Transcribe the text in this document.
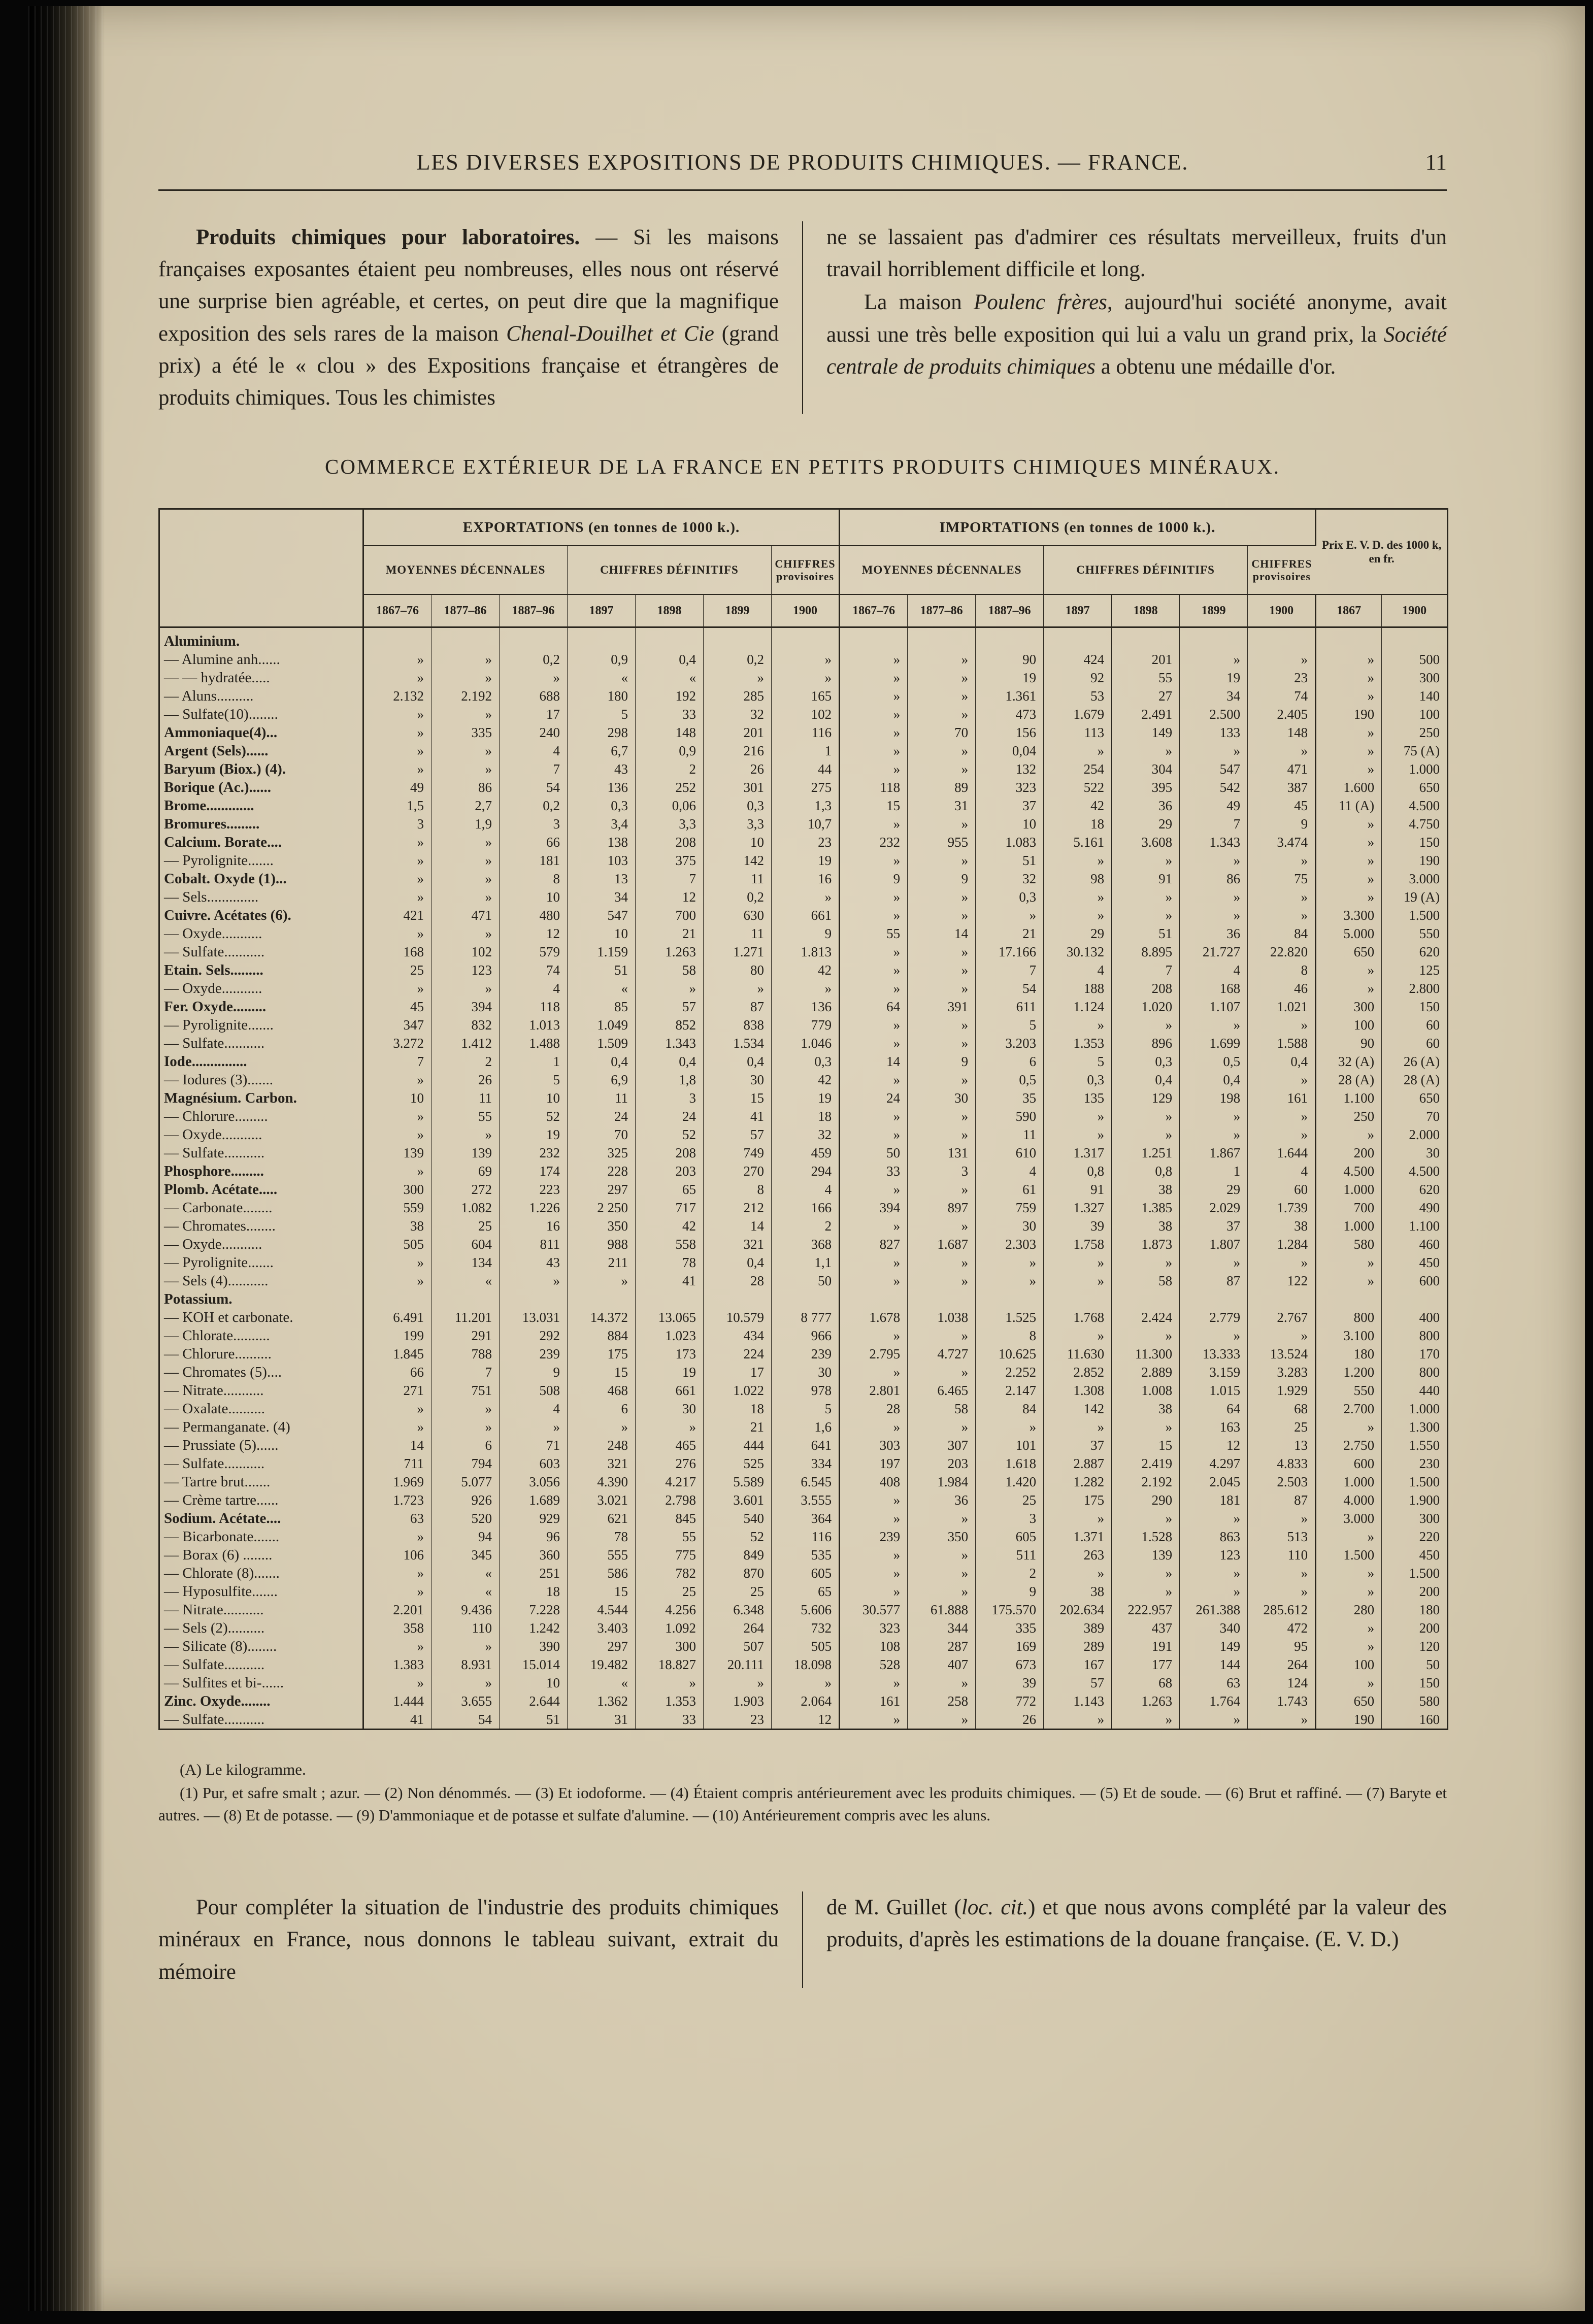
LES DIVERSES EXPOSITIONS DE PRODUITS CHIMIQUES. — FRANCE.	11

Produits chimiques pour laboratoires. — Si les maisons françaises exposantes étaient peu nombreuses, elles nous ont réservé une surprise bien agréable, et certes, on peut dire que la magnifique exposition des sels rares de la maison Chenal-Douilhet et Cie (grand prix) a été le « clou » des Expositions française et étrangères de produits chimiques. Tous les chimistes

ne se lassaient pas d'admirer ces résultats merveilleux, fruits d'un travail horriblement difficile et long.

La maison Poulenc frères, aujourd'hui société anonyme, avait aussi une très belle exposition qui lui a valu un grand prix, la Société centrale de produits chimiques a obtenu une médaille d'or.

COMMERCE EXTÉRIEUR DE LA FRANCE EN PETITS PRODUITS CHIMIQUES MINÉRAUX.
	EXPORTATIONS (en tonnes de 1000 k.).							IMPORTATIONS (en tonnes de 1000 k.).							Prix E. V. D. des 1000 k, en fr.	
	MOYENNES DÉCENNALES			CHIFFRES DÉFINITIFS			CHIFFRES provisoires	MOYENNES DÉCENNALES			CHIFFRES DÉFINITIFS			CHIFFRES provisoires		
	1867–76	1877–86	1887–96	1897	1898	1899	1900	1867–76	1877–86	1887–96	1897	1898	1899	1900	1867	1900
Aluminium.																
— Alumine anh......	»	»	0,2	0,9	0,4	0,2	»	»	»	90	424	201	»	»	»	500
— — hydratée.....	»	»	»	«	«	»	»	»	»	19	92	55	19	23	»	300
— Aluns..........	2.132	2.192	688	180	192	285	165	»	»	1.361	53	27	34	74	»	140
— Sulfate(10)........	»	»	17	5	33	32	102	»	»	473	1.679	2.491	2.500	2.405	190	100
Ammoniaque(4)...	»	335	240	298	148	201	116	»	70	156	113	149	133	148	»	250
Argent (Sels)......	»	»	4	6,7	0,9	216	1	»	»	0,04	»	»	»	»	»	75 (A)
Baryum (Biox.) (4).	»	»	7	43	2	26	44	»	»	132	254	304	547	471	»	1.000
Borique (Ac.)......	49	86	54	136	252	301	275	118	89	323	522	395	542	387	1.600	650
Brome.............	1,5	2,7	0,2	0,3	0,06	0,3	1,3	15	31	37	42	36	49	45	11 (A)	4.500
Bromures.........	3	1,9	3	3,4	3,3	3,3	10,7	»	»	10	18	29	7	9	»	4.750
Calcium. Borate....	»	»	66	138	208	10	23	232	955	1.083	5.161	3.608	1.343	3.474	»	150
— Pyrolignite.......	»	»	181	103	375	142	19	»	»	51	»	»	»	»	»	190
Cobalt. Oxyde (1)...	»	»	8	13	7	11	16	9	9	32	98	91	86	75	»	3.000
— Sels..............	»	»	10	34	12	0,2	»	»	»	0,3	»	»	»	»	»	19 (A)
Cuivre. Acétates (6).	421	471	480	547	700	630	661	»	»	»	»	»	»	»	3.300	1.500
— Oxyde...........	»	»	12	10	21	11	9	55	14	21	29	51	36	84	5.000	550
— Sulfate...........	168	102	579	1.159	1.263	1.271	1.813	»	»	17.166	30.132	8.895	21.727	22.820	650	620
Etain. Sels.........	25	123	74	51	58	80	42	»	»	7	4	7	4	8	»	125
— Oxyde...........	»	»	4	«	»	»	»	»	»	54	188	208	168	46	»	2.800
Fer. Oxyde.........	45	394	118	85	57	87	136	64	391	611	1.124	1.020	1.107	1.021	300	150
— Pyrolignite.......	347	832	1.013	1.049	852	838	779	»	»	5	»	»	»	»	100	60
— Sulfate...........	3.272	1.412	1.488	1.509	1.343	1.534	1.046	»	»	3.203	1.353	896	1.699	1.588	90	60
Iode...............	7	2	1	0,4	0,4	0,4	0,3	14	9	6	5	0,3	0,5	0,4	32 (A)	26 (A)
— Iodures (3).......	»	26	5	6,9	1,8	30	42	»	»	0,5	0,3	0,4	0,4	»	28 (A)	28 (A)
Magnésium. Carbon.	10	11	10	11	3	15	19	24	30	35	135	129	198	161	1.100	650
— Chlorure.........	»	55	52	24	24	41	18	»	»	590	»	»	»	»	250	70
— Oxyde...........	»	»	19	70	52	57	32	»	»	11	»	»	»	»	»	2.000
— Sulfate...........	139	139	232	325	208	749	459	50	131	610	1.317	1.251	1.867	1.644	200	30
Phosphore.........	»	69	174	228	203	270	294	33	3	4	0,8	0,8	1	4	4.500	4.500
Plomb. Acétate.....	300	272	223	297	65	8	4	»	»	61	91	38	29	60	1.000	620
— Carbonate........	559	1.082	1.226	2 250	717	212	166	394	897	759	1.327	1.385	2.029	1.739	700	490
— Chromates........	38	25	16	350	42	14	2	»	»	30	39	38	37	38	1.000	1.100
— Oxyde...........	505	604	811	988	558	321	368	827	1.687	2.303	1.758	1.873	1.807	1.284	580	460
— Pyrolignite.......	»	134	43	211	78	0,4	1,1	»	»	»	»	»	»	»	»	450
— Sels (4)...........	»	«	»	»	41	28	50	»	»	»	»	58	87	122	»	600
Potassium.																
— KOH et carbonate.	6.491	11.201	13.031	14.372	13.065	10.579	8 777	1.678	1.038	1.525	1.768	2.424	2.779	2.767	800	400
— Chlorate..........	199	291	292	884	1.023	434	966	»	»	8	»	»	»	»	3.100	800
— Chlorure..........	1.845	788	239	175	173	224	239	2.795	4.727	10.625	11.630	11.300	13.333	13.524	180	170
— Chromates (5)....	66	7	9	15	19	17	30	»	»	2.252	2.852	2.889	3.159	3.283	1.200	800
— Nitrate...........	271	751	508	468	661	1.022	978	2.801	6.465	2.147	1.308	1.008	1.015	1.929	550	440
— Oxalate..........	»	»	4	6	30	18	5	28	58	84	142	38	64	68	2.700	1.000
— Permanganate. (4)	»	»	»	»	»	21	1,6	»	»	»	»	»	163	25	»	1.300
— Prussiate (5)......	14	6	71	248	465	444	641	303	307	101	37	15	12	13	2.750	1.550
— Sulfate...........	711	794	603	321	276	525	334	197	203	1.618	2.887	2.419	4.297	4.833	600	230
— Tartre brut.......	1.969	5.077	3.056	4.390	4.217	5.589	6.545	408	1.984	1.420	1.282	2.192	2.045	2.503	1.000	1.500
— Crème tartre......	1.723	926	1.689	3.021	2.798	3.601	3.555	»	36	25	175	290	181	87	4.000	1.900
Sodium. Acétate....	63	520	929	621	845	540	364	»	»	3	»	»	»	»	3.000	300
— Bicarbonate.......	»	94	96	78	55	52	116	239	350	605	1.371	1.528	863	513	»	220
— Borax (6) ........	106	345	360	555	775	849	535	»	»	511	263	139	123	110	1.500	450
— Chlorate (8).......	»	«	251	586	782	870	605	»	»	2	»	»	»	»	»	1.500
— Hyposulfite.......	»	«	18	15	25	25	65	»	»	9	38	»	»	»	»	200
— Nitrate...........	2.201	9.436	7.228	4.544	4.256	6.348	5.606	30.577	61.888	175.570	202.634	222.957	261.388	285.612	280	180
— Sels (2)..........	358	110	1.242	3.403	1.092	264	732	323	344	335	389	437	340	472	»	200
— Silicate (8)........	»	»	390	297	300	507	505	108	287	169	289	191	149	95	»	120
— Sulfate...........	1.383	8.931	15.014	19.482	18.827	20.111	18.098	528	407	673	167	177	144	264	100	50
— Sulfites et bi-......	»	»	10	«	»	»	»	»	»	39	57	68	63	124	»	150
Zinc. Oxyde........	1.444	3.655	2.644	1.362	1.353	1.903	2.064	161	258	772	1.143	1.263	1.764	1.743	650	580
— Sulfate...........	41	54	51	31	33	23	12	»	»	26	»	»	»	»	190	160

(A) Le kilogramme.

(1) Pur, et safre smalt ; azur. — (2) Non dénommés. — (3) Et iodoforme. — (4) Étaient compris antérieurement avec les produits chimiques. — (5) Et de soude. — (6) Brut et raffiné. — (7) Baryte et autres. — (8) Et de potasse. — (9) D'ammoniaque et de potasse et sulfate d'alumine. — (10) Antérieurement compris avec les aluns.

Pour compléter la situation de l'industrie des produits chimiques minéraux en France, nous donnons le tableau suivant, extrait du mémoire

de M. Guillet (loc. cit.) et que nous avons complété par la valeur des produits, d'après les estimations de la douane française. (E. V. D.)
